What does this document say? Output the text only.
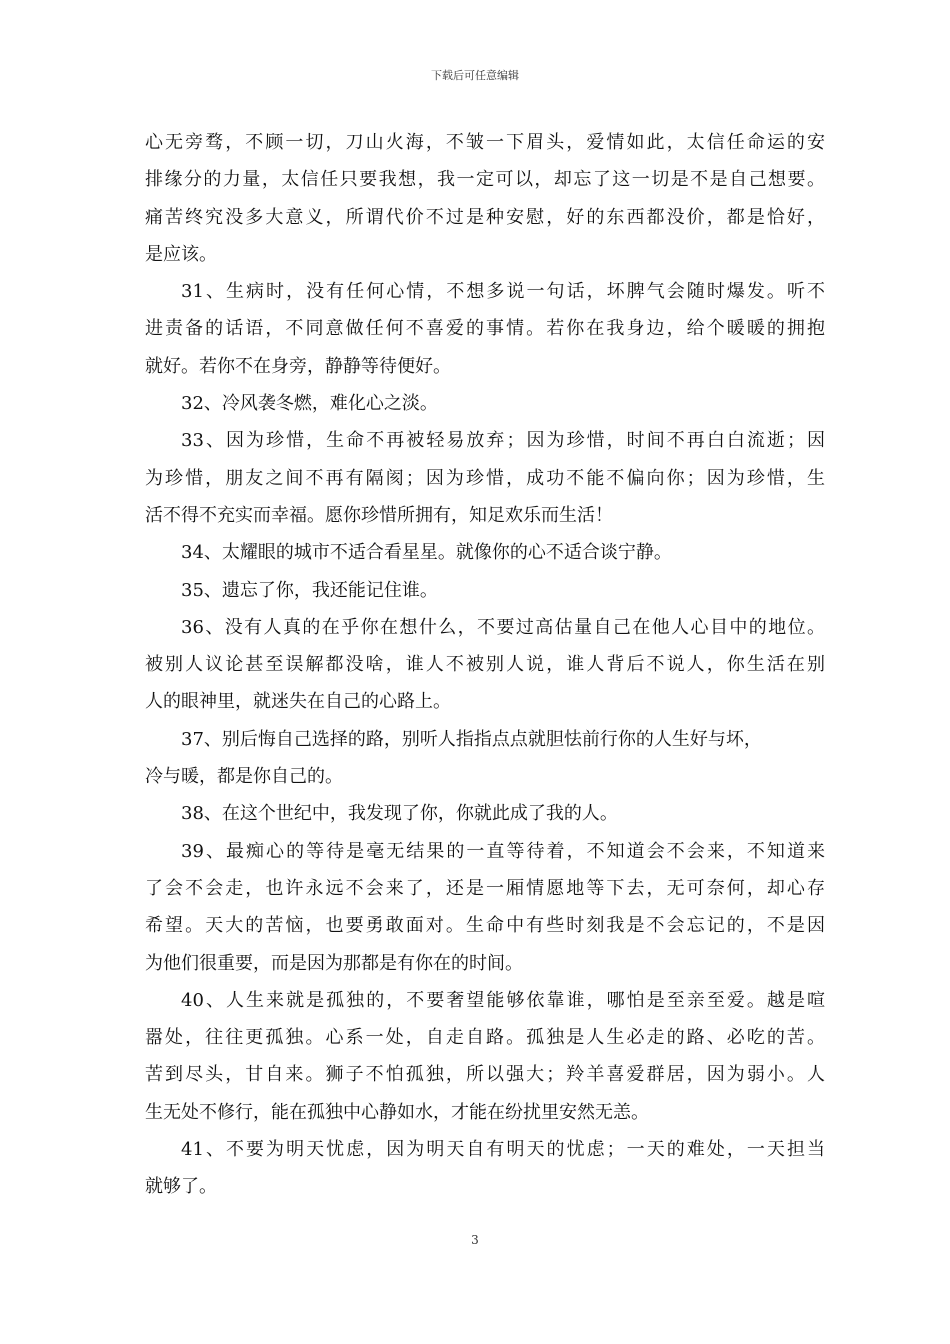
下载后可任意编辑
心无旁骛，不顾一切，刀山火海，不皱一下眉头，爱情如此，太信任命运的安
排缘分的力量，太信任只要我想，我一定可以，却忘了这一切是不是自己想要。
痛苦终究没多大意义，所谓代价不过是种安慰，好的东西都没价，都是恰好，
是应该。
31、生病时，没有任何心情，不想多说一句话，坏脾气会随时爆发。听不
进责备的话语，不同意做任何不喜爱的事情。若你在我身边，给个暖暖的拥抱
就好。若你不在身旁，静静等待便好。
32、冷风袭冬燃，难化心之淡。
33、因为珍惜，生命不再被轻易放弃；因为珍惜，时间不再白白流逝；因
为珍惜，朋友之间不再有隔阂；因为珍惜，成功不能不偏向你；因为珍惜，生
活不得不充实而幸福。愿你珍惜所拥有，知足欢乐而生活！
34、太耀眼的城市不适合看星星。就像你的心不适合谈宁静。
35、遗忘了你，我还能记住谁。
36、没有人真的在乎你在想什么，不要过高估量自己在他人心目中的地位。
被别人议论甚至误解都没啥，谁人不被别人说，谁人背后不说人，你生活在别
人的眼神里，就迷失在自己的心路上。
37、别后悔自己选择的路，别听人指指点点就胆怯前行你的人生好与坏，
冷与暖，都是你自己的。
38、在这个世纪中，我发现了你，你就此成了我的人。
39、最痴心的等待是毫无结果的一直等待着，不知道会不会来，不知道来
了会不会走，也许永远不会来了，还是一厢情愿地等下去，无可奈何，却心存
希望。天大的苦恼，也要勇敢面对。生命中有些时刻我是不会忘记的，不是因
为他们很重要，而是因为那都是有你在的时间。
40、人生来就是孤独的，不要奢望能够依靠谁，哪怕是至亲至爱。越是喧
嚣处，往往更孤独。心系一处，自走自路。孤独是人生必走的路、必吃的苦。
苦到尽头，甘自来。狮子不怕孤独，所以强大；羚羊喜爱群居，因为弱小。人
生无处不修行，能在孤独中心静如水，才能在纷扰里安然无恙。
41、不要为明天忧虑，因为明天自有明天的忧虑；一天的难处，一天担当
就够了。
3
